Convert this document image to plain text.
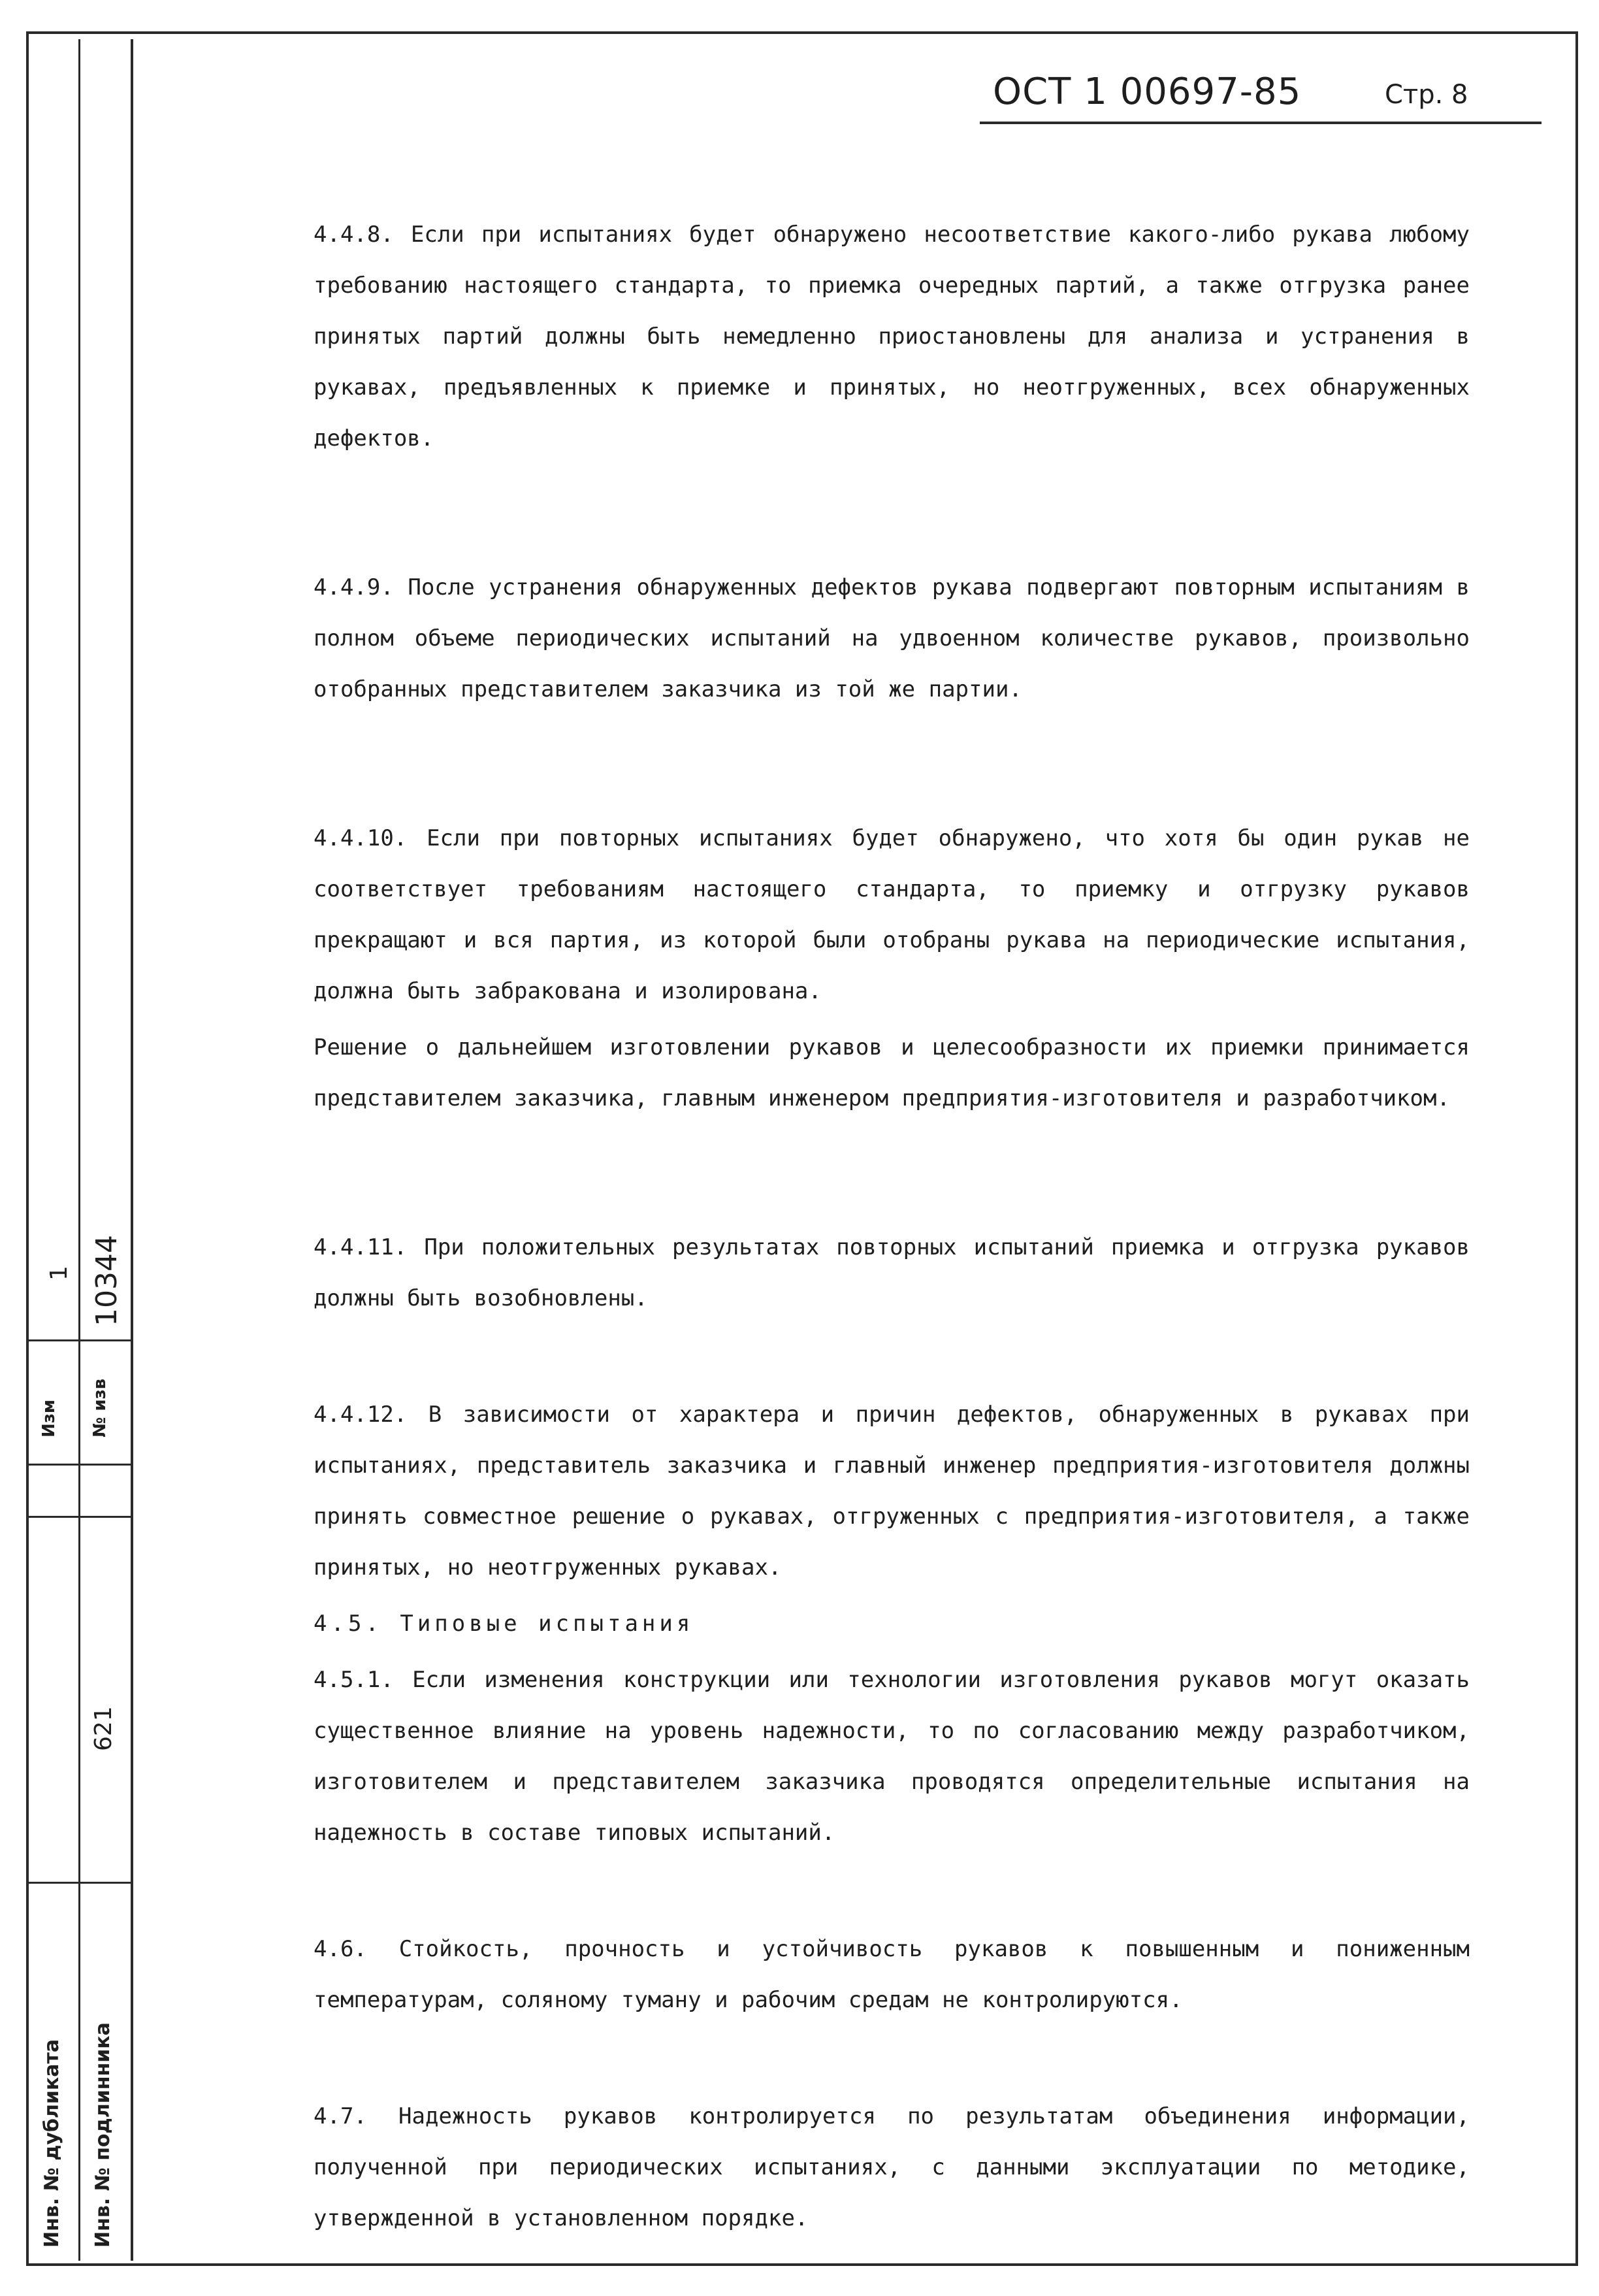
Изм
1
№ изв
10344
Инв. № дубликата Инв. № подлинника
621
ОСТ 1 00697-85	Стр. 8

4.4.8. Если при испытаниях будет обнаружено несоответствие какого-либо рукава любому требованию настоящего стандарта, то приемка очередных партий, а также отгрузка ранее принятых партий должны быть немедленно приостановлены для анализа и устранения в рукавах, предъявленных к приемке и принятых, но неотгруженных, всех обнаруженных дефектов.

4.4.9. После устранения обнаруженных дефектов рукава подвергают повторным испытаниям в полном объеме периодических испытаний на удвоенном количестве рукавов, произвольно отобранных представителем заказчика из той же партии.

4.4.10. Если при повторных испытаниях будет обнаружено, что хотя бы один рукав не соответствует требованиям настоящего стандарта, то приемку и отгрузку рукавов прекращают и вся партия, из которой были отобраны рукава на периодические испытания, должна быть забракована и изолирована.

Решение о дальнейшем изготовлении рукавов и целесообразности их приемки принимается представителем заказчика, главным инженером предприятия-изготовителя и разработчиком.

4.4.11. При положительных результатах повторных испытаний приемка и отгрузка рукавов должны быть возобновлены.

4.4.12. В зависимости от характера и причин дефектов, обнаруженных в рукавах при испытаниях, представитель заказчика и главный инженер предприятия-изготовителя должны принять совместное решение о рукавах, отгруженных с предприятия-изготовителя, а также принятых, но неотгруженных рукавах.

4.5. Типовые испытания

4.5.1. Если изменения конструкции или технологии изготовления рукавов могут оказать существенное влияние на уровень надежности, то по согласованию между разработчиком, изготовителем и представителем заказчика проводятся определительные испытания на надежность в составе типовых испытаний.

4.6. Стойкость, прочность и устойчивость рукавов к повышенным и пониженным температурам, соляному туману и рабочим средам не контролируются.

4.7. Надежность рукавов контролируется по результатам объединения информации, полученной при периодических испытаниях, с данными эксплуатации по методике, утвержденной в установленном порядке.
